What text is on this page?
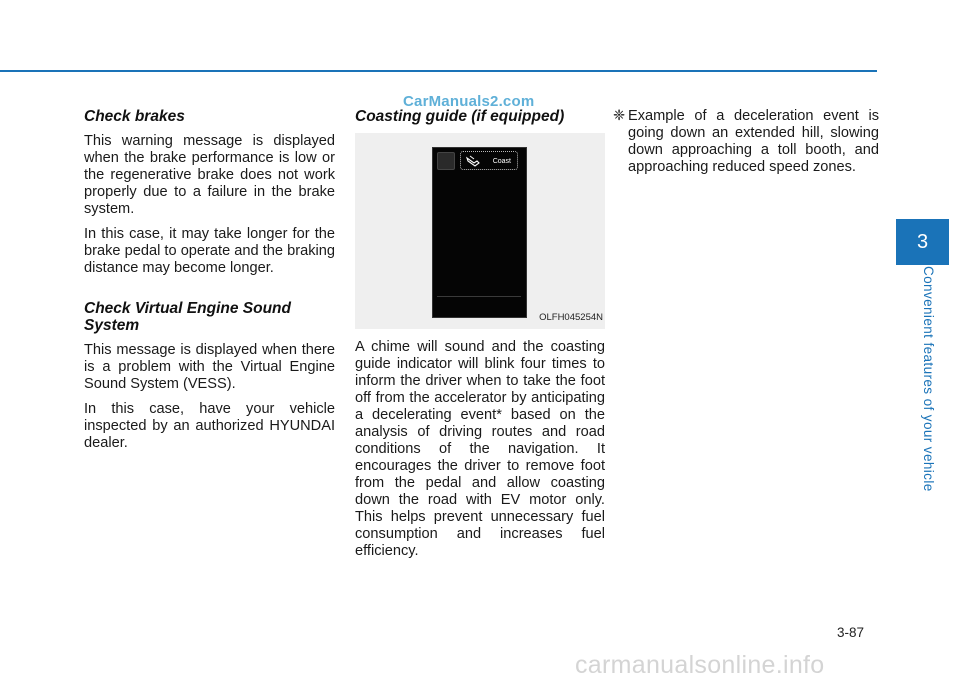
CarManuals2.com
Check brakes

This warning message is displayed when the brake performance is low or the regenerative brake does not work properly due to a failure in the brake system.

In this case, it may take longer for the brake pedal to operate and the braking distance may become longer.

Check Virtual Engine Sound System

This message is displayed when there is a problem with the Virtual Engine Sound System (VESS).

In this case, have your vehicle inspected by an authorized HYUNDAI dealer.

Coasting guide (if equipped)
Coast
OLFH045254N

A chime will sound and the coasting guide indicator will blink four times to inform the driver when to take the foot off from the accelerator by anticipating a decelerating event* based on the analysis of driving routes and road conditions of the navigation. It encourages the driver to remove foot from the pedal and allow coasting down the road with EV motor only. This helps prevent unnecessary fuel consumption and increases fuel efficiency.

❈ Example of a deceleration event is going down an extended hill, slowing down approaching a toll booth, and approaching reduced speed zones.

3
Convenient features of your vehicle
3-87
carmanualsonline.info
